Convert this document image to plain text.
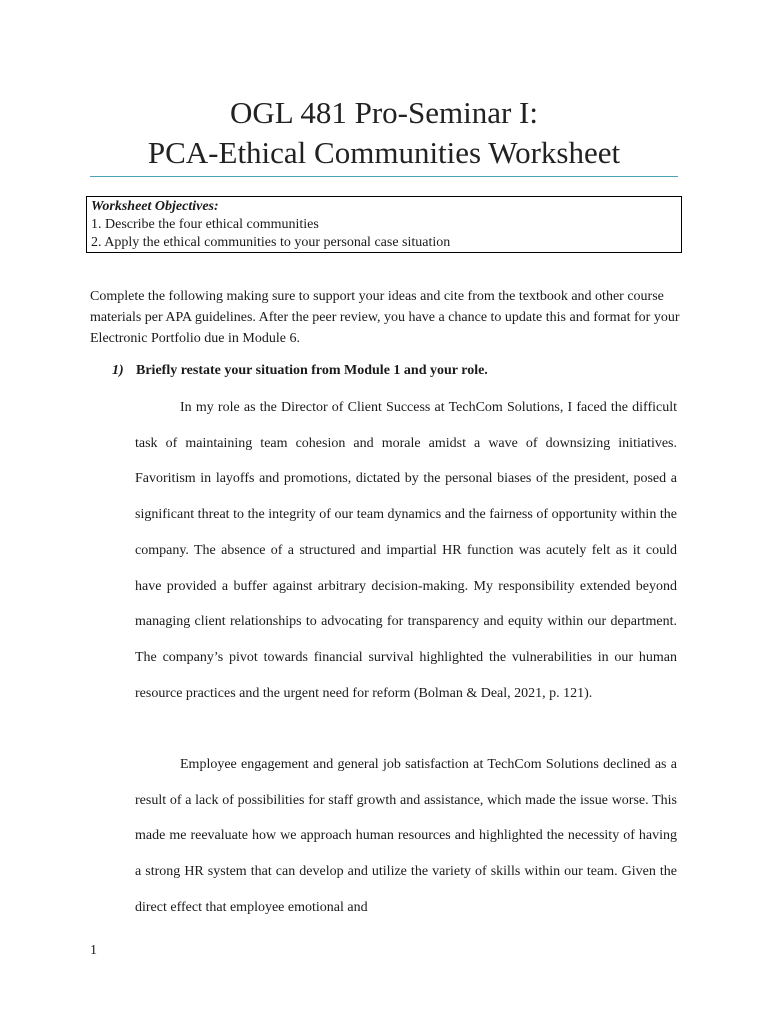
OGL 481 Pro-Seminar I:
PCA-Ethical Communities Worksheet
Worksheet Objectives:
1. Describe the four ethical communities
2. Apply the ethical communities to your personal case situation
Complete the following making sure to support your ideas and cite from the textbook and other course materials per APA guidelines. After the peer review, you have a chance to update this and format for your Electronic Portfolio due in Module 6.
1) Briefly restate your situation from Module 1 and your role.
In my role as the Director of Client Success at TechCom Solutions, I faced the difficult task of maintaining team cohesion and morale amidst a wave of downsizing initiatives. Favoritism in layoffs and promotions, dictated by the personal biases of the president, posed a significant threat to the integrity of our team dynamics and the fairness of opportunity within the company. The absence of a structured and impartial HR function was acutely felt as it could have provided a buffer against arbitrary decision-making. My responsibility extended beyond managing client relationships to advocating for transparency and equity within our department. The company’s pivot towards financial survival highlighted the vulnerabilities in our human resource practices and the urgent need for reform (Bolman & Deal, 2021, p. 121).
Employee engagement and general job satisfaction at TechCom Solutions declined as a result of a lack of possibilities for staff growth and assistance, which made the issue worse. This made me reevaluate how we approach human resources and highlighted the necessity of having a strong HR system that can develop and utilize the variety of skills within our team. Given the direct effect that employee emotional and
1
